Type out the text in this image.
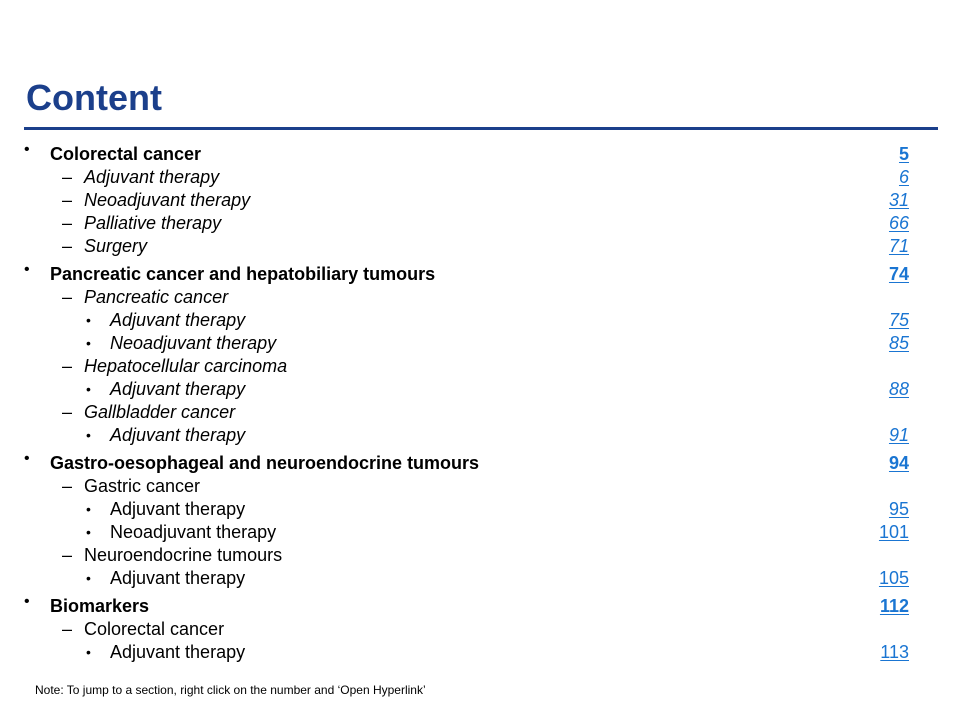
Content
• Colorectal cancer	5
– Adjuvant therapy	6
– Neoadjuvant therapy	31
– Palliative therapy	66
– Surgery	71
• Pancreatic cancer and hepatobiliary tumours	74
– Pancreatic cancer
• Adjuvant therapy	75
• Neoadjuvant therapy	85
– Hepatocellular carcinoma
• Adjuvant therapy	88
– Gallbladder cancer
• Adjuvant therapy	91
• Gastro-oesophageal and neuroendocrine tumours	94
– Gastric cancer
• Adjuvant therapy	95
• Neoadjuvant therapy	101
– Neuroendocrine tumours
• Adjuvant therapy	105
• Biomarkers	112
– Colorectal cancer
• Adjuvant therapy	113
Note: To jump to a section, right click on the number and ‘Open Hyperlink’
